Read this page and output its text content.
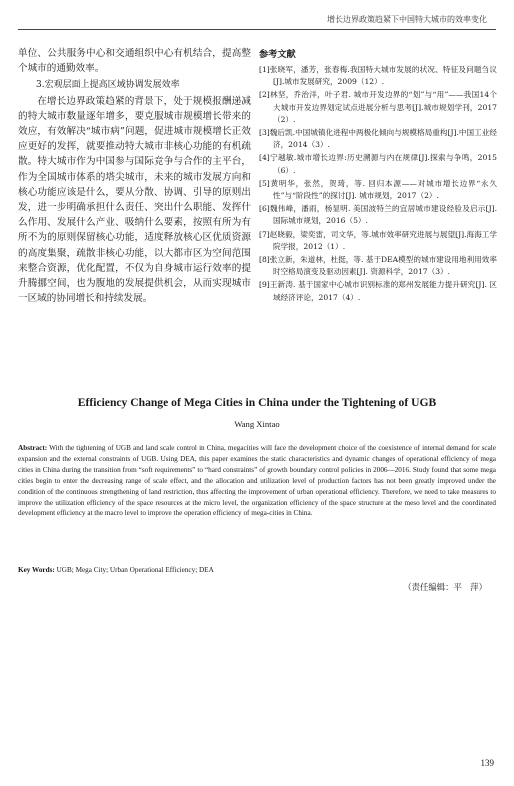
增长边界政策趋紧下中国特大城市的效率变化

单位、公共服务中心和交通组织中心有机结合，提高整个城市的通勤效率。

3.宏观层面上提高区域协调发展效率

在增长边界政策趋紧的背景下，处于规模报酬递减的特大城市数量逐年增多，要克服城市规模增长带来的效应，有效解决“城市病”问题，促进城市规模增长正效应更好的发挥，就要推动特大城市非核心功能的有机疏散。特大城市作为中国参与国际竞争与合作的主平台，作为全国城市体系的塔尖城市，未来的城市发展方向和核心功能应该是什么，要从分散、协调、引导的原则出发，进一步明确承担什么责任、突出什么职能、发挥什么作用、发展什么产业、吸纳什么要素，按照有所为有所不为的原则保留核心功能，适度释放核心区优质资源的高度集聚，疏散非核心功能，以大都市区为空间范围来整合资源，优化配置，不仅为自身城市运行效率的提升腾挪空间，也为腹地的发展提供机会，从而实现城市一区域的协同增长和持续发展。

参考文献
[1]张晓军，潘芳，张春梅.我国特大城市发展的状况、特征及问题刍议[J].城市发展研究，2009（12）.
[2]林坚，乔治洋，叶子君. 城市开发边界的“划”与“用”——我国14个大城市开发边界划定试点进展分析与思考[J].城市规划学刊，2017（2）.
[3]魏后凯.中国城镇化进程中两极化倾向与规模格局重构[J].中国工业经济，2014（3）.
[4]宁越敏.城市增长边界:历史溯源与内在规律[J].探索与争鸣，2015（6）.
[5]黄明华，张然，贺琦，等. 回归本源——对城市增长边界“永久性”与“阶段性”的探讨[J]. 城市规划，2017（2）.
[6]魏伟峰，潘雨，杨显明. 美国波特兰的宜居城市建设经验及启示[J]. 国际城市规划，2016（5）.
[7]赵晓毅，梁奕雷，司文华，等.城市效率研究进展与展望[J].海海工学院学报，2012（1）.
[8]张立新，朱道林，杜挺，等. 基于DEA模型的城市建设用地利用效率时空格局演变及驱动因素[J]. 资源科学，2017（3）.
[9]王新涛. 基于国家中心城市识别标准的郑州发展能力提升研究[J]. 区域经济评论，2017（4）.
Efficiency Change of Mega Cities in China under the Tightening of UGB
Wang Xintao
Abstract: With the tightening of UGB and land scale control in China, megacities will face the development choice of the coexistence of internal demand for scale expansion and the external constraints of UGB. Using DEA, this paper examines the static characteristics and dynamic changes of operational efficiency of mega cities in China during the transition from “soft requirements” to “hard constraints” of growth boundary control policies in 2006—2016. Study found that some mega cities begin to enter the decreasing range of scale effect, and the allocation and utilization level of production factors has not been greatly improved under the condition of the continuous strengthening of land restriction, thus affecting the improvement of urban operational efficiency. Therefore, we need to take measures to improve the utilization efficiency of the space resources at the micro level, the organization efficiency of the space structure at the meso level and the coordinated development efficiency at the macro level to improve the operation efficiency of mega-cities in China.
Key Words: UGB; Mega City; Urban Operational Efficiency; DEA
（责任编辑：平　萍）
139
